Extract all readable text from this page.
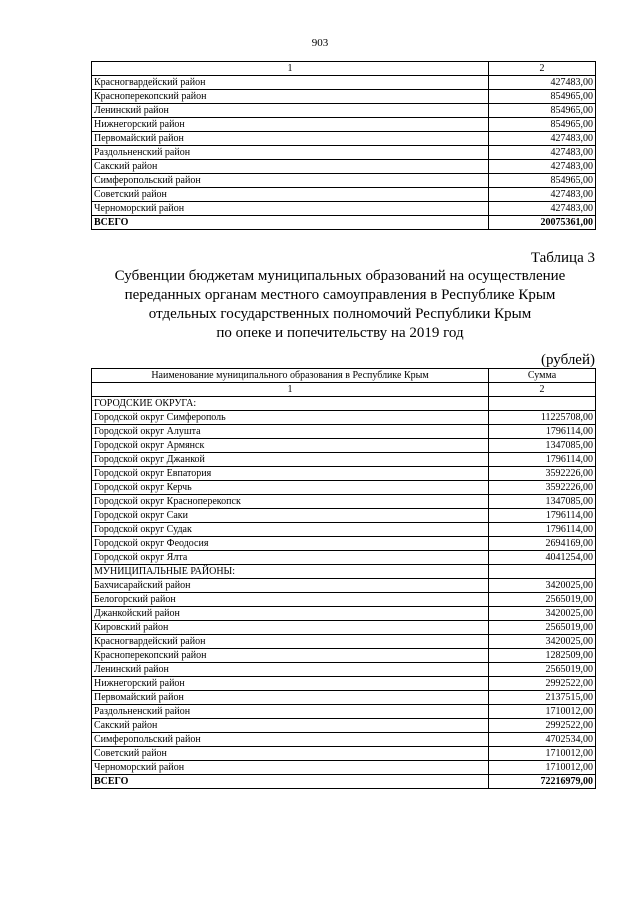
903
1	2
Красногвардейский район	427483,00
Красноперекопский район	854965,00
Ленинский район	854965,00
Нижнегорский район	854965,00
Первомайский район	427483,00
Раздольненский район	427483,00
Сакский район	427483,00
Симферопольский район	854965,00
Советский район	427483,00
Черноморский район	427483,00
ВСЕГО	20075361,00
Таблица 3
Субвенции бюджетам муниципальных образований на осуществление
переданных органам местного самоуправления в Республике Крым
отдельных государственных полномочий Республики Крым
по опеке и попечительству на 2019 год
(рублей)
Наименование муниципального образования в Республике Крым	Сумма
1	2
ГОРОДСКИЕ ОКРУГА:	
Городской округ Симферополь	11225708,00
Городской округ Алушта	1796114,00
Городской округ Армянск	1347085,00
Городской округ Джанкой	1796114,00
Городской округ Евпатория	3592226,00
Городской округ Керчь	3592226,00
Городской округ Красноперекопск	1347085,00
Городской округ Саки	1796114,00
Городской округ Судак	1796114,00
Городской округ Феодосия	2694169,00
Городской округ Ялта	4041254,00
МУНИЦИПАЛЬНЫЕ РАЙОНЫ:	
Бахчисарайский район	3420025,00
Белогорский район	2565019,00
Джанкойский район	3420025,00
Кировский район	2565019,00
Красногвардейский район	3420025,00
Красноперекопский район	1282509,00
Ленинский район	2565019,00
Нижнегорский район	2992522,00
Первомайский район	2137515,00
Раздольненский район	1710012,00
Сакский район	2992522,00
Симферопольский район	4702534,00
Советский район	1710012,00
Черноморский район	1710012,00
ВСЕГО	72216979,00
